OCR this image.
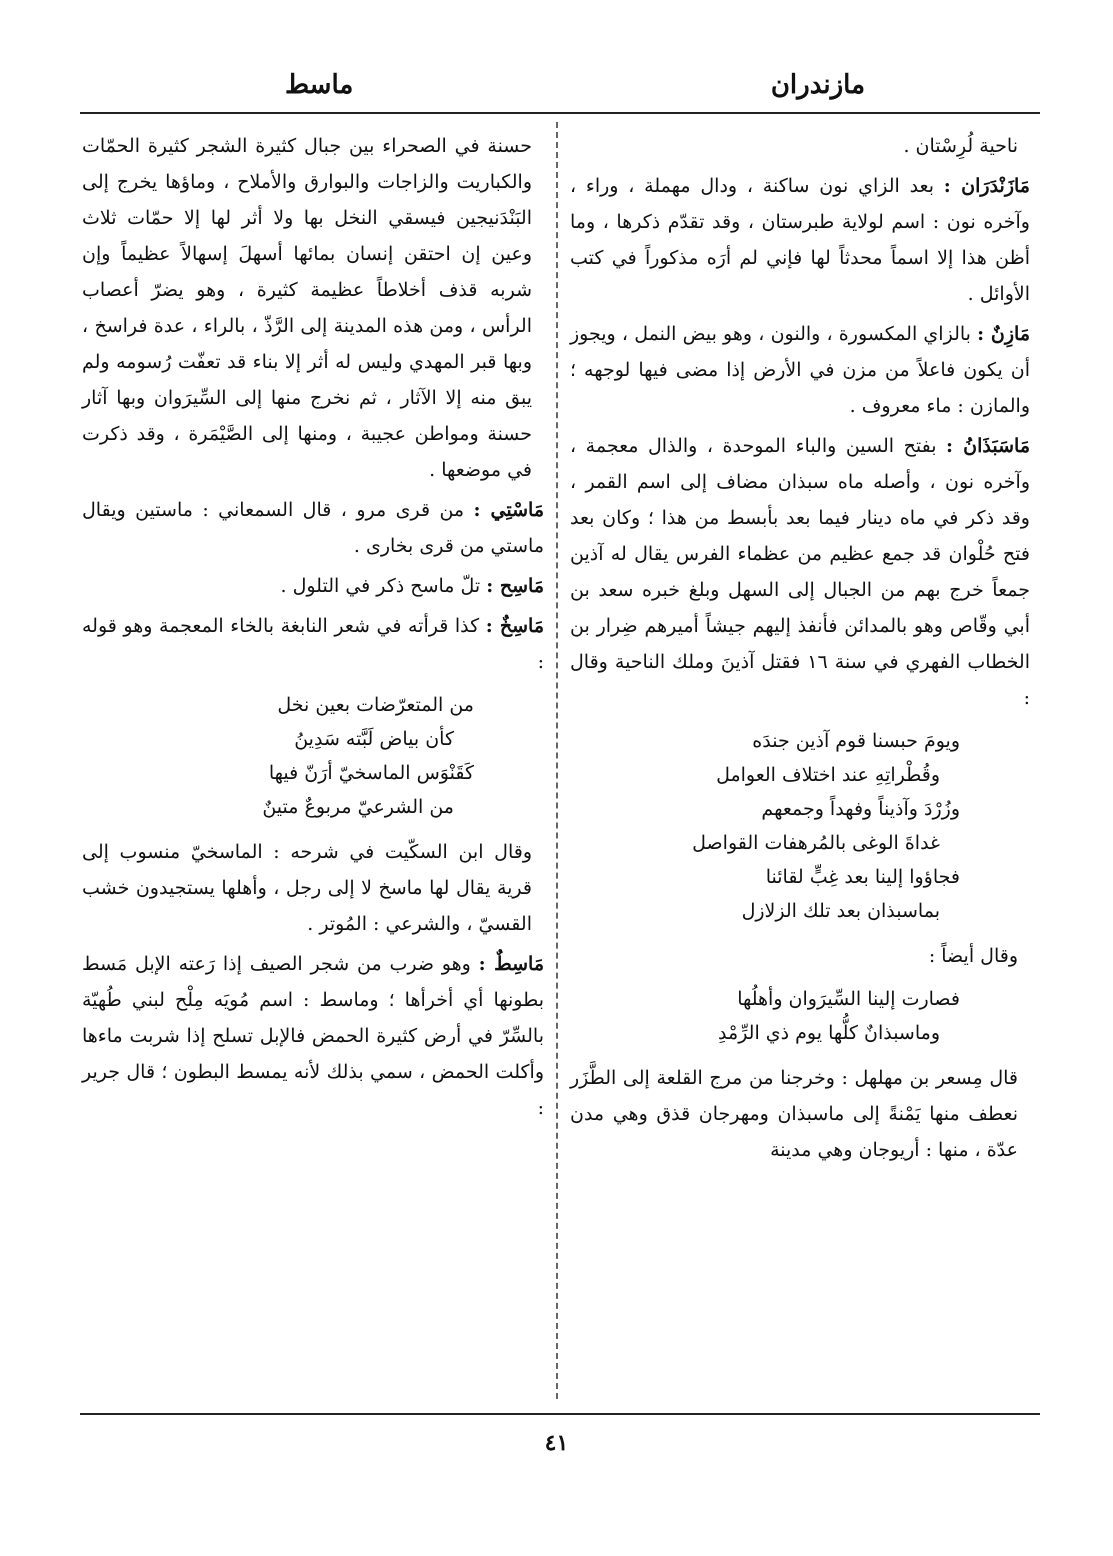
مازندران
ماسط

ناحية لُرِسْتان .

مَازَنْدَرَان : بعد الزاي نون ساكنة ، ودال مهملة ، وراء ، وآخره نون : اسم لولاية طبرستان ، وقد تقدّم ذكرها ، وما أظن هذا إلا اسماً محدثاً لها فإني لم أرَه مذكوراً في كتب الأوائل .

مَازِنٌ : بالزاي المكسورة ، والنون ، وهو بيض النمل ، ويجوز أن يكون فاعلاً من مزن في الأرض إذا مضى فيها لوجهه ؛ والمازن : ماء معروف .

مَاسَبَذَانُ : بفتح السين والباء الموحدة ، والذال معجمة ، وآخره نون ، وأصله ماه سبذان مضاف إلى اسم القمر ، وقد ذكر في ماه دينار فيما بعد بأبسط من هذا ؛ وكان بعد فتح حُلْوان قد جمع عظيم من عظماء الفرس يقال له آذين جمعاً خرج بهم من الجبال إلى السهل وبلغ خبره سعد بن أبي وقّاص وهو بالمدائن فأنفذ إليهم جيشاً أميرهم ضِرار بن الخطاب الفهري في سنة ١٦ فقتل آذينَ وملك الناحية وقال :

ويومَ حبسنا قوم آذين جندَه
وقُطْراتِهِ عند اختلاف العوامل
وزُرْدَ وآذيناً وفهداً وجمعهم
غداةَ الوغى بالمُرهفات القواصل
فجاؤوا إلينا بعد غِبٍّ لقائنا
بماسبذان بعد تلك الزلازل

وقال أيضاً :

فصارت إلينا السِّيرَوان وأهلُها
وماسبذانٌ كلُّها يوم ذي الرِّمْدِ

قال مِسعر بن مهلهل : وخرجنا من مرج القلعة إلى الطَّزَر نعطف منها يَمْنةً إلى ماسبذان ومهرجان قذق وهي مدن عدّة ، منها : أريوجان وهي مدينة

حسنة في الصحراء بين جبال كثيرة الشجر كثيرة الحمّات والكباريت والزاجات والبوارق والأملاح ، وماؤها يخرج إلى البَنْدَنيجين فيسقي النخل بها ولا أثر لها إلا حمّات ثلاث وعين إن احتقن إنسان بمائها أسهلَ إسهالاً عظيماً وإن شربه قذف أخلاطاً عظيمة كثيرة ، وهو يضرّ أعصاب الرأس ، ومن هذه المدينة إلى الرَّذّ ، بالراء ، عدة فراسخ ، وبها قبر المهدي وليس له أثر إلا بناء قد تعفّت رُسومه ولم يبق منه إلا الآثار ، ثم نخرج منها إلى السِّيرَوان وبها آثار حسنة ومواطن عجيبة ، ومنها إلى الصَّيْمَرة ، وقد ذكرت في موضعها .

مَاسْتِي : من قرى مرو ، قال السمعاني : ماستين ويقال ماستي من قرى بخارى .

مَاسِح : تلّ ماسح ذكر في التلول .

مَاسِخٌ : كذا قرأته في شعر النابغة بالخاء المعجمة وهو قوله :

من المتعرّضات بعين نخل
كأن بياض لَبَّته سَدِينُ
كَقَنْوَس الماسخيّ أرَنّ فيها
من الشرعيّ مربوعٌ متينٌ

وقال ابن السكّيت في شرحه : الماسخيّ منسوب إلى قرية يقال لها ماسخ لا إلى رجل ، وأهلها يستجيدون خشب القسيّ ، والشرعي : المُوتر .

مَاسِطٌ : وهو ضرب من شجر الصيف إذا رَعته الإبل مَسط بطونها أي أخرأها ؛ وماسط : اسم مُويَه مِلْح لبني طُهيّة بالسِّرّ في أرض كثيرة الحمض فالإبل تسلح إذا شربت ماءها وأكلت الحمض ، سمي بذلك لأنه يمسط البطون ؛ قال جرير :

٤١
